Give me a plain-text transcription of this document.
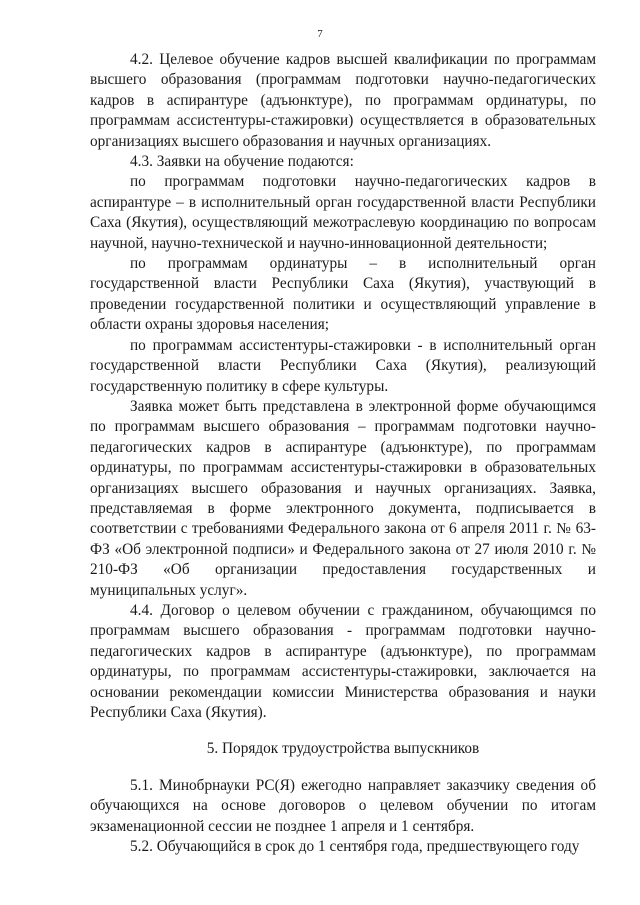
7

4.2. Целевое обучение кадров высшей квалификации по программам высшего образования (программам подготовки научно-педагогических кадров в аспирантуре (адъюнктуре), по программам ординатуры, по программам ассистентуры-стажировки) осуществляется в образовательных организациях высшего образования и научных организациях.

4.3. Заявки на обучение подаются:

по программам подготовки научно-педагогических кадров в аспирантуре – в исполнительный орган государственной власти Республики Саха (Якутия), осуществляющий межотраслевую координацию по вопросам научной, научно-технической и научно-инновационной деятельности;

по программам ординатуры – в исполнительный орган государственной власти Республики Саха (Якутия), участвующий в проведении государственной политики и осуществляющий управление в области охраны здоровья населения;

по программам ассистентуры-стажировки - в исполнительный орган государственной власти Республики Саха (Якутия), реализующий государственную политику в сфере культуры.

Заявка может быть представлена в электронной форме обучающимся по программам высшего образования – программам подготовки научно-педагогических кадров в аспирантуре (адъюнктуре), по программам ординатуры, по программам ассистентуры-стажировки в образовательных организациях высшего образования и научных организациях. Заявка, представляемая в форме электронного документа, подписывается в соответствии с требованиями Федерального закона от 6 апреля 2011 г. № 63-ФЗ «Об электронной подписи» и Федерального закона от 27 июля 2010 г. № 210-ФЗ «Об организации предоставления государственных и муниципальных услуг».

4.4. Договор о целевом обучении с гражданином, обучающимся по программам высшего образования - программам подготовки научно-педагогических кадров в аспирантуре (адъюнктуре), по программам ординатуры, по программам ассистентуры-стажировки, заключается на основании рекомендации комиссии Министерства образования и науки Республики Саха (Якутия).

5. Порядок трудоустройства выпускников

5.1. Минобрнауки РС(Я) ежегодно направляет заказчику сведения об обучающихся на основе договоров о целевом обучении по итогам экзаменационной сессии не позднее 1 апреля и 1 сентября.

5.2. Обучающийся в срок до 1 сентября года, предшествующего году
